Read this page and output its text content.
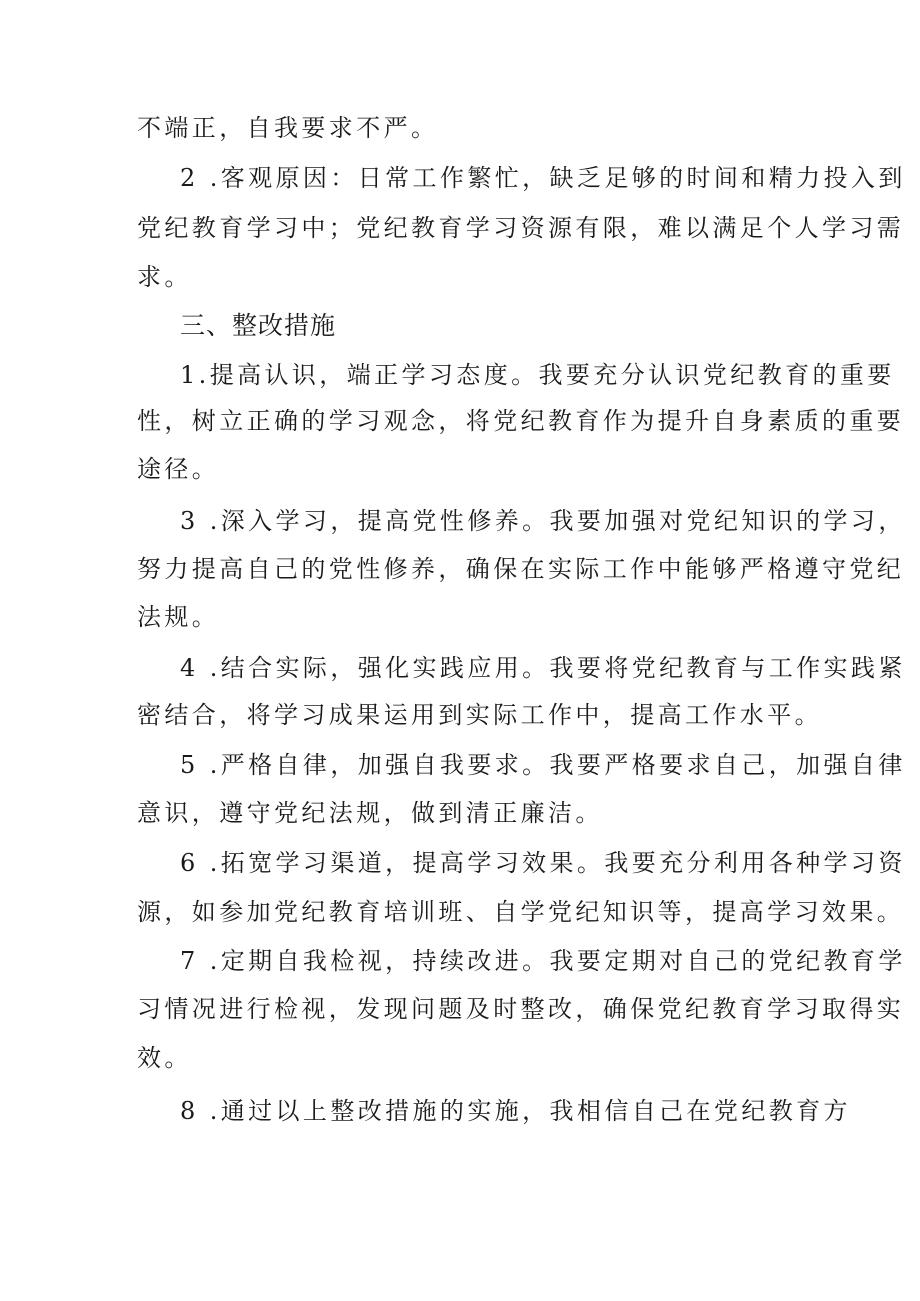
不端正，自我要求不严。
2 .客观原因：日常工作繁忙，缺乏足够的时间和精力投入到
党纪教育学习中；党纪教育学习资源有限，难以满足个人学习需
求。
三、整改措施
1.提高认识，端正学习态度。我要充分认识党纪教育的重要
性，树立正确的学习观念，将党纪教育作为提升自身素质的重要
途径。
3 .深入学习，提高党性修养。我要加强对党纪知识的学习，
努力提高自己的党性修养，确保在实际工作中能够严格遵守党纪
法规。
4 .结合实际，强化实践应用。我要将党纪教育与工作实践紧
密结合，将学习成果运用到实际工作中，提高工作水平。
5 .严格自律，加强自我要求。我要严格要求自己，加强自律
意识，遵守党纪法规，做到清正廉洁。
6 .拓宽学习渠道，提高学习效果。我要充分利用各种学习资
源，如参加党纪教育培训班、自学党纪知识等，提高学习效果。
7 .定期自我检视，持续改进。我要定期对自己的党纪教育学
习情况进行检视，发现问题及时整改，确保党纪教育学习取得实
效。
8 .通过以上整改措施的实施，我相信自己在党纪教育方
